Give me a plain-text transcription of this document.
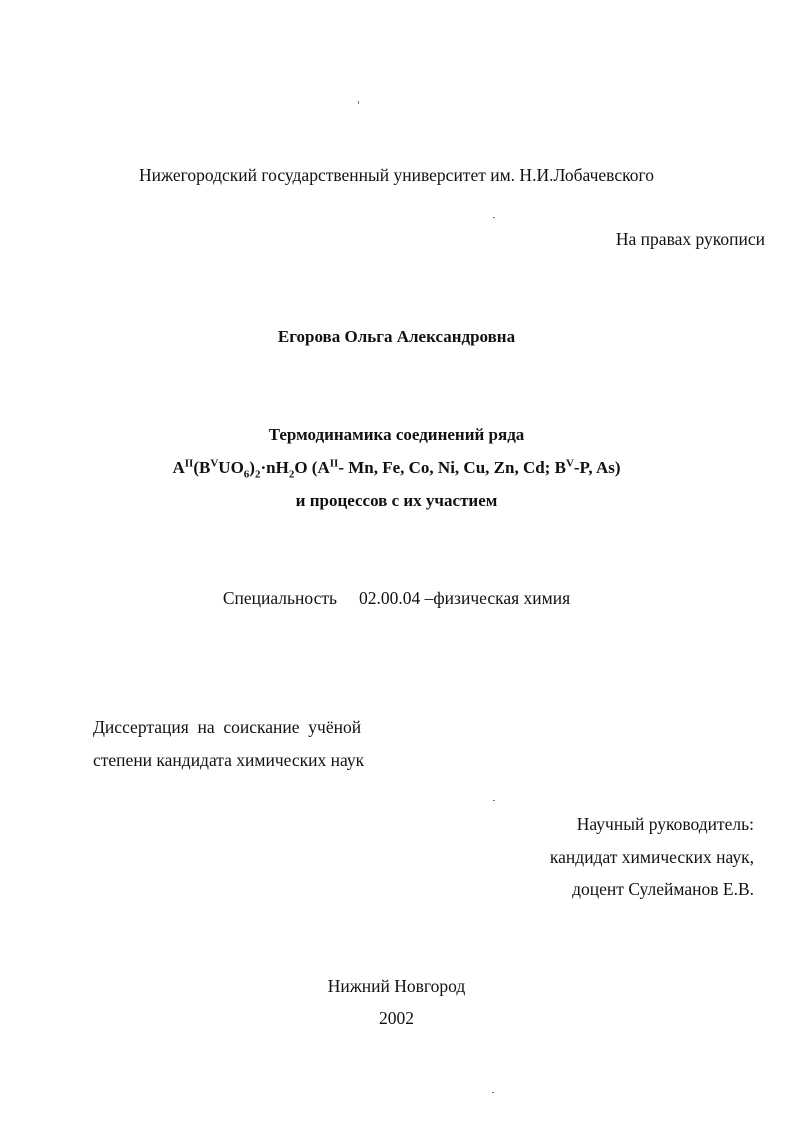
Нижегородский государственный университет им. Н.И.Лобачевского
На правах рукописи
Егорова Ольга Александровна
Термодинамика соединений ряда
$A^{II}(B^VUO_6)_2\cdot nH_2O$ ($A^{II}-$ Mn, Fe, Co, Ni, Cu, Zn, Cd; $B^V-P$, As)
и процессов с их участием
Специальность 02.00.04 –физическая химия
Диссертация  на  соискание  учёной
степени кандидата химических наук
Научный руководитель:
кандидат химических наук,
доцент Сулейманов Е.В.
Нижний Новгород
2002
